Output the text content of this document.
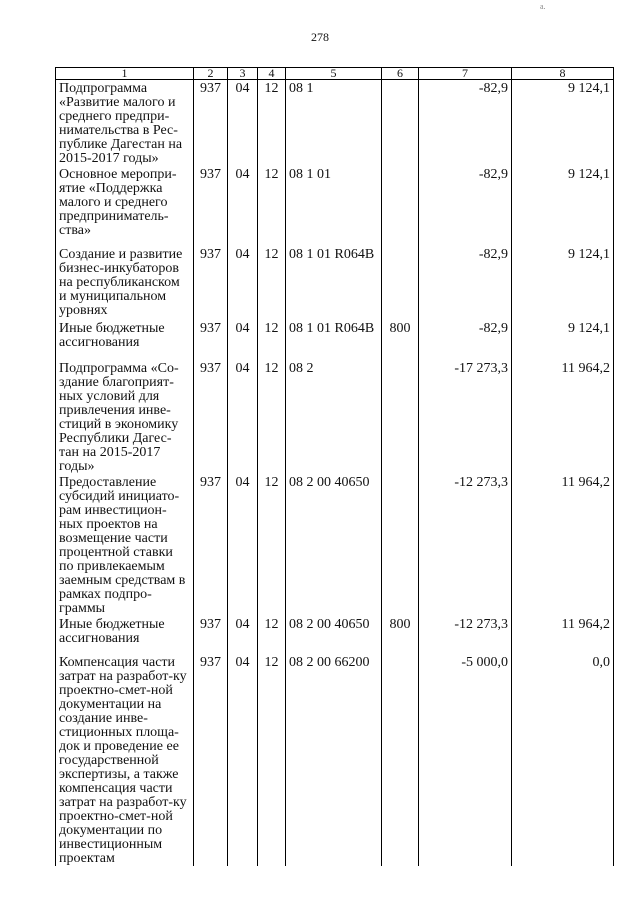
278
а.
1	2	3	4	5	6	7	8
Подпрограмма «Развитие малого и среднего предпри-нимательства в Рес-публике Дагестан на 2015-2017 годы»	937	04	12	08 1		-82,9	9 124,1
Основное меропри-ятие «Поддержка малого и среднего предприниматель-ства»	937	04	12	08 1 01		-82,9	9 124,1
Создание и развитие бизнес-инкубаторов на республиканском и муниципальном уровнях	937	04	12	08 1 01 R064B		-82,9	9 124,1
Иные бюджетные ассигнования	937	04	12	08 1 01 R064B	800	-82,9	9 124,1
Подпрограмма «Со-здание благоприят-ных условий для привлечения инве-стиций в экономику Республики Дагес-тан на 2015-2017 годы»	937	04	12	08 2		-17 273,3	11 964,2
Предоставление субсидий инициато-рам инвестицион-ных проектов на возмещение части процентной ставки по привлекаемым заемным средствам в рамках подпро-граммы	937	04	12	08 2 00 40650		-12 273,3	11 964,2
Иные бюджетные ассигнования	937	04	12	08 2 00 40650	800	-12 273,3	11 964,2
Компенсация части затрат на разработ-ку проектно-смет-ной документации на создание инве-стиционных площа-док и проведение ее государственной экспертизы, а также компенсация части затрат на разработ-ку проектно-смет-ной документации по инвестиционным проектам	937	04	12	08 2 00 66200		-5 000,0	0,0
